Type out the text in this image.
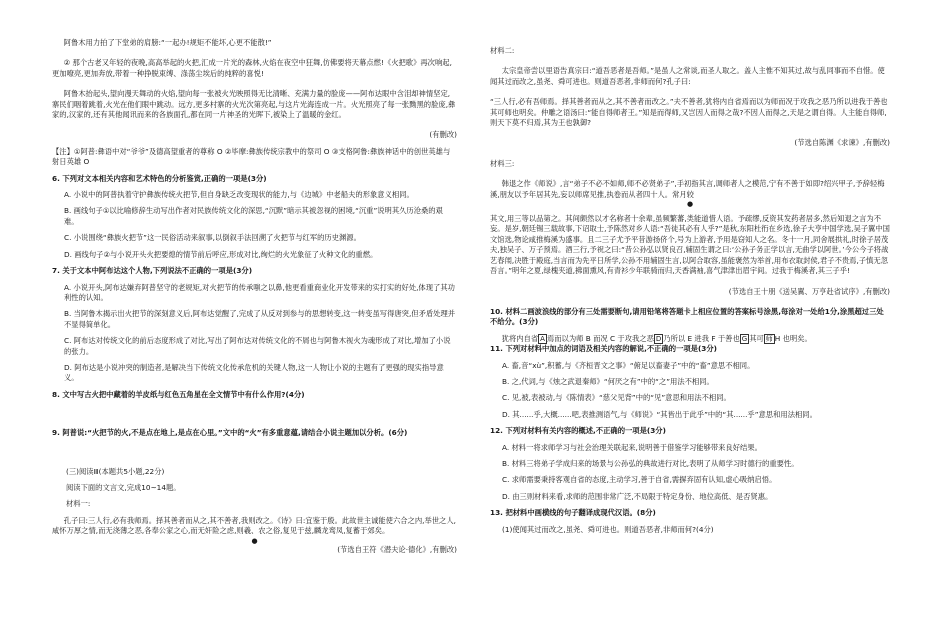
阿鲁木用力拍了下堂弟的肩膀:“一起办!规矩不能坏,心更不能散!”

② 那个古老又年轻的夜晚,高高举起的火把,汇成一片光的森林,火焰在夜空中狂舞,仿佛要将天幕点燃!《火把歌》再次响起,更加嘹亮,更加奔放,带着一种挣脱束缚、涤荡尘埃后的纯粹的喜悦!

阿鲁木抬起头,望向漫天舞动的火焰,望向每一张被火光映照得无比清晰、充满力量的脸庞——阿布达眼中含泪却神情坚定,寨民们咽着跳着,火光在他们眼中跳动。远方,更多村寨的火光次第亮起,与这片光海连成一片。火光照亮了每一张黝黑的脸庞,彝家的,汉家的,还有其他闻讯而来的各族面孔,都在同一片神圣的光晖下,被染上了温暖的金红。

(有删改)

【注】①阿普:彝语中对“爷爷”及德高望重者的尊称 O ②毕摩:彝族传统宗教中的祭司 O ③支格阿鲁:彝族神话中的创世英雄与射日英雄 O

6. 下列对文本相关内容和艺术特色的分析鉴赏,正确的一项是(3分)

A. 小说中的阿普执着守护彝族传统火把节,但自身缺乏改变现状的能力,与《边城》中老船夫的形象意义相同。

B. 画线句子①以比喻修辞生动写出作者对民族传统文化的深思,“沉默”暗示其被忽视的困境,“沉重”说明其久历沧桑的艰难。

C. 小说围绕“彝族火把节”这一民俗活动来叙事,以倒叙手法回溯了火把节与红军的历史渊源。

D. 画线句子②与小说开头火把要熄的情节前后呼应,形成对比,绚烂的火光象征了火种文化的重燃。

7. 关于文本中阿布达这个人物,下列说法不正确的一项是(3分)

A. 小说开头,阿布达嫌弃阿普坚守的老规矩,对火把节的传承嗤之以鼻,他更看重商业化开发带来的实打实的好处,体现了其功利性的认知。

B. 当阿鲁木揭示出火把节的深刻意义后,阿布达觉醒了,完成了从反对到参与的思想转变,这一转变虽写得唐突,但矛盾处理并不显得简单化。

C. 阿布达对传统文化的前后态度形成了对比,写出了阿布达对传统文化的不屑也与阿鲁木视火为魂形成了对比,增加了小说的张力。

D. 阿布达是小说冲突的制造者,是解决当下传统文化传承危机的关键人物,这一人物让小说的主题有了更强的现实指导意义。

8. 文中写古火把中藏着的羊皮纸与红色五角星在全文情节中有什么作用?(4分)

9. 阿普说:“火把节的火,不是点在地上,是点在心里。”文中的“火”有多重意蕴,请结合小说主题加以分析。(6分)

(三)阅读Ⅲ(本题共5小题,22分)

阅读下面的文言文,完成10~14题。

材料一:

孔子曰:三人行,必有我师焉。择其善者而从之,其不善者,我则改之。《诗》曰:宜鉴于殷。此故世主诚能使六合之内,举世之人,咸怀万厚之情,而无浇薄之恶,各奉公家之心,而无奸险之虑,则羲、农之俗,复见于兹,麟龙鸾凤,复蓄于郊矣。

●

(节选自王符《潜夫论·德化》,有删改)

材料二:

太宗皇帝尝以里语告真宗曰:“道吾恶者是吾师。”是虽人之常谈,而圣人取之。盖人主惟不知其过,故与乱同事而不自惜。使闻其过而改之,虽尧、舜可进也。则道吾恶者,非师而何?孔子曰:

“三人行,必有吾师焉。择其善者而从之,其不善者而改之。”夫不善者,犹将内自省焉而以为师而况于攻我之恶乃所以进我于善也其可师也明矣。仲雕之语汤曰:“能自得师者王。”知是而得师,又岂因人而得之哉?不因人而得之,天是之谓自得。人主能自得师,则天下莫不归焉,其为王也孰御?

(节选自陈渊《求谏》,有删改)

材料三:

韩退之作《师说》,言“弟子不必不如师,师不必贤弟子”,手初指其言,调师者人之模范,宁有不善于如即?绍兴甲子,予辞轻梅溪,朋友以予年居其先,妄以师席见推,执卷而从者四十人。常月较

●

其文,用三等以品第之。其间颇然以才名称者十余辈,虽频繁蕃,类能道惜人语。予疏缪,反资其发药者居多,然后知退之言为不妄。是岁,朝廷锡三载故事,下诏取士,予陈然对乡人语:“吾徒其必有人乎?”是秋,东阳杜衎在乡选,徐子大亨中国学选,吴子翼中国文馆选,物论咸推梅溪为盛事。且二三子尤予平昔游扬侪个,号为上游者,予用是窃知人之名。冬十一月,同舍展拱礼,时徐子居茂夫,独吴子、万子预焉。酒三行,予祝之曰:“昔公孙弘以贤良召,辅固生谓之曰:‘公孙子务正学以言,无曲学以阿世。’今公今子将战艺春闱,决胜于殿庭,当言而为先平日所学,公孙不用辅固生言,以阿合取容,虽能褒然为举首,用布衣取封侯,君子不贵焉,子慎无忽吾言。”明年之夏,绿槐夹道,拂面熏风,有青衫少年联骑而归,天香满袖,喜气津津出眉宇间。过我于梅溪者,其三子乎!

(节选自王十朋《送吴翼、万亨赴省试序》,有删改)

10. 材料二画波浪线的部分有三处需要断句,请用铅笔将答题卡上相应位置的答案标号涂黑,每涂对一处给1分,涂黑超过三处不给分。(3分)

犹将内自省 A 焉而以为师 B 而况 C 于攻我之恶 D 乃所以 E 进我 F 于善也 G 其可 师 H 也明矣。

11. 下列对材料中加点的词语及相关内容的解说,不正确的一项是(3分)

A. 畜,音“xù”,积蓄,与《齐桓晋文之事》“俯足以畜妻子”中的“畜”意思不相同。

B. 之,代词,与《烛之武退秦师》“何厌之有”中的“之”用法不相同。

C. 见,被,表被动,与《陈情表》“慈父见背”中的“见”意思和用法不相同。

D. 其......乎,大概......吧,表推测语气,与《师说》“其皆出于此乎”中的“其......乎”意思和用法相同。

12. 下列对材料有关内容的概述,不正确的一项是(3分)

A. 材料一将求师学习与社会治理关联起来,说明善于借鉴学习能够带来良好结果。

B. 材料三将弟子学成归来的场景与公孙弘的典故进行对比,表明了从师学习时德行的重要性。

C. 求师需要秉持客观自省的态度,主动学习,善于自省,需摒弃固有认知,虚心吸纳启悟。

D. 由三则材料来看,求师的范围非常广泛,不局限于特定身份、地位高低、是否贤惠。

13. 把材料中画横线的句子翻译成现代汉语。(8分)

(1)使闻其过而改之,虽尧、舜可进也。则道吾恶者,非师而何?(4分)
